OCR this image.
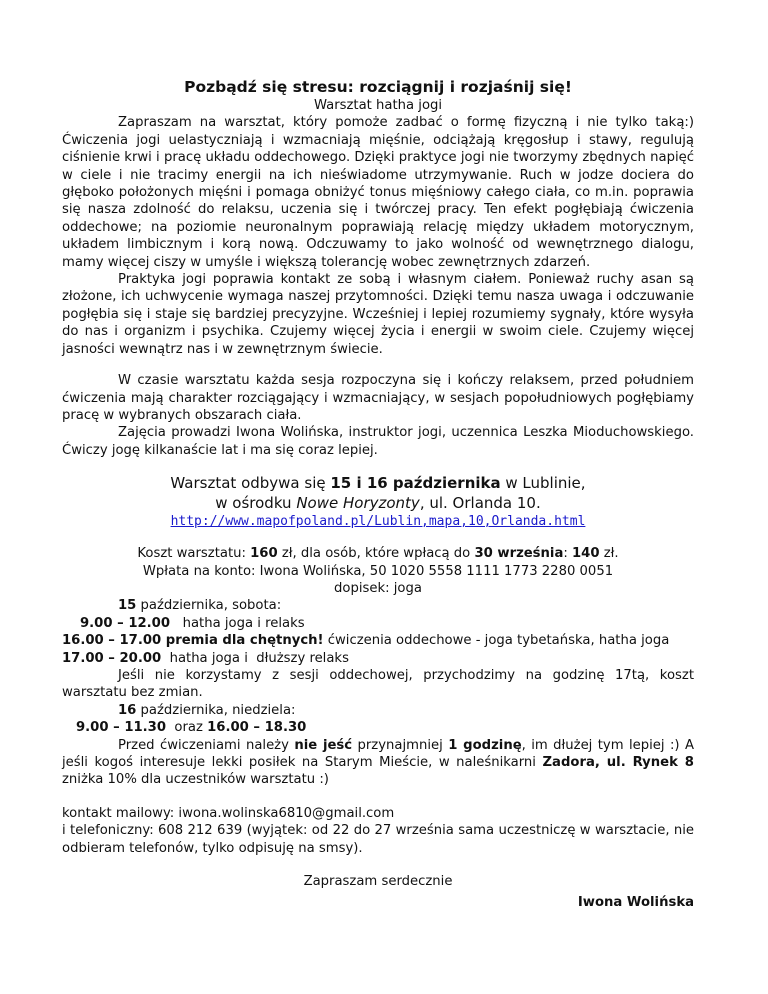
Pozbądź się stresu: rozciągnij i rozjaśnij się!

Warsztat hatha jogi

Zapraszam na warsztat, który pomoże zadbać o formę fizyczną i nie tylko taką:) Ćwiczenia jogi uelastyczniają i wzmacniają mięśnie, odciążają kręgosłup i stawy, regulują ciśnienie krwi i pracę układu oddechowego. Dzięki praktyce jogi nie tworzymy zbędnych napięć w ciele i nie tracimy energii na ich nieświadome utrzymywanie. Ruch w jodze dociera do głęboko położonych mięśni i pomaga obniżyć tonus mięśniowy całego ciała, co m.in. poprawia się nasza zdolność do relaksu, uczenia się i twórczej pracy. Ten efekt pogłębiają ćwiczenia oddechowe; na poziomie neuronalnym poprawiają relację między układem motorycznym, układem limbicznym i korą nową. Odczuwamy to jako wolność od wewnętrznego dialogu, mamy więcej ciszy w umyśle i większą tolerancję wobec zewnętrznych zdarzeń.

Praktyka jogi poprawia kontakt ze sobą i własnym ciałem. Ponieważ ruchy asan są złożone, ich uchwycenie wymaga naszej przytomności. Dzięki temu nasza uwaga i odczuwanie pogłębia się i staje się bardziej precyzyjne. Wcześniej i lepiej rozumiemy sygnały, które wysyła do nas i organizm i psychika. Czujemy więcej życia i energii w swoim ciele. Czujemy więcej jasności wewnątrz nas i w zewnętrznym świecie.

W czasie warsztatu każda sesja rozpoczyna się i kończy relaksem, przed południem ćwiczenia mają charakter rozciągający i wzmacniający, w sesjach popołudniowych pogłębiamy pracę w wybranych obszarach ciała.

Zajęcia prowadzi Iwona Wolińska, instruktor jogi, uczennica Leszka Mioduchowskiego. Ćwiczy jogę kilkanaście lat i ma się coraz lepiej.

Warsztat odbywa się 15 i 16 października w Lublinie,
w ośrodku Nowe Horyzonty, ul. Orlanda 10.
http://www.mapofpoland.pl/Lublin,mapa,10,Orlanda.html
Koszt warsztatu: 160 zł, dla osób, które wpłacą do 30 września: 140 zł.
Wpłata na konto: Iwona Wolińska, 50 1020 5558 1111 1773 2280 0051
dopisek: joga

15 października, sobota:

9.00 – 12.00   hatha joga i relaks

16.00 – 17.00 premia dla chętnych! ćwiczenia oddechowe - joga tybetańska, hatha joga

17.00 – 20.00  hatha joga i  dłuższy relaks

Jeśli nie korzystamy z sesji oddechowej, przychodzimy na godzinę 17tą, koszt warsztatu bez zmian.

16 października, niedziela:

9.00 – 11.30  oraz 16.00 – 18.30

Przed ćwiczeniami należy nie jeść przynajmniej 1 godzinę, im dłużej tym lepiej :) A jeśli kogoś interesuje lekki posiłek na Starym Mieście, w naleśnikarni Zadora, ul. Rynek 8 zniżka 10% dla uczestników warsztatu :)

kontakt mailowy: iwona.wolinska6810@gmail.com

i telefoniczny: 608 212 639 (wyjątek: od 22 do 27 września sama uczestniczę w warsztacie, nie odbieram telefonów, tylko odpisuję na smsy).

Zapraszam serdecznie
Iwona Wolińska
